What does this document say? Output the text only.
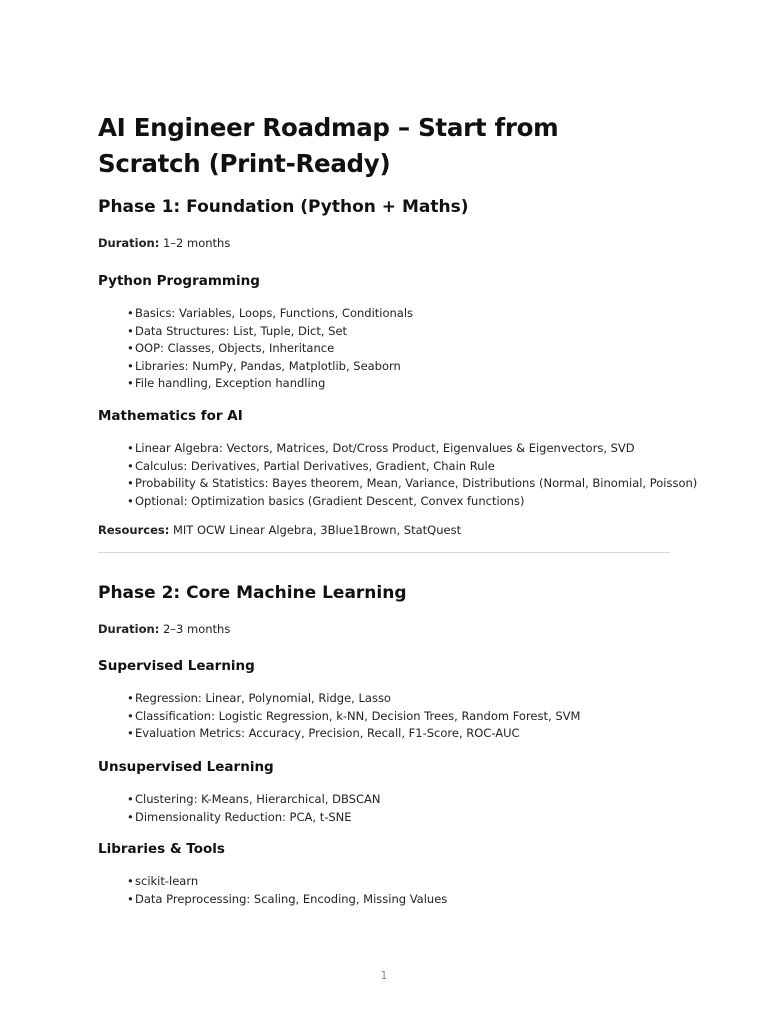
AI Engineer Roadmap – Start from Scratch (Print-Ready)
Phase 1: Foundation (Python + Maths)

Duration: 1–2 months

Python Programming
•Basics: Variables, Loops, Functions, Conditionals
•Data Structures: List, Tuple, Dict, Set
•OOP: Classes, Objects, Inheritance
•Libraries: NumPy, Pandas, Matplotlib, Seaborn
•File handling, Exception handling
Mathematics for AI
•Linear Algebra: Vectors, Matrices, Dot/Cross Product, Eigenvalues & Eigenvectors, SVD
•Calculus: Derivatives, Partial Derivatives, Gradient, Chain Rule
•Probability & Statistics: Bayes theorem, Mean, Variance, Distributions (Normal, Binomial, Poisson)
•Optional: Optimization basics (Gradient Descent, Convex functions)

Resources: MIT OCW Linear Algebra, 3Blue1Brown, StatQuest

Phase 2: Core Machine Learning

Duration: 2–3 months

Supervised Learning
•Regression: Linear, Polynomial, Ridge, Lasso
•Classification: Logistic Regression, k-NN, Decision Trees, Random Forest, SVM
•Evaluation Metrics: Accuracy, Precision, Recall, F1-Score, ROC-AUC
Unsupervised Learning
•Clustering: K-Means, Hierarchical, DBSCAN
•Dimensionality Reduction: PCA, t-SNE
Libraries & Tools
•scikit-learn
•Data Preprocessing: Scaling, Encoding, Missing Values
1
